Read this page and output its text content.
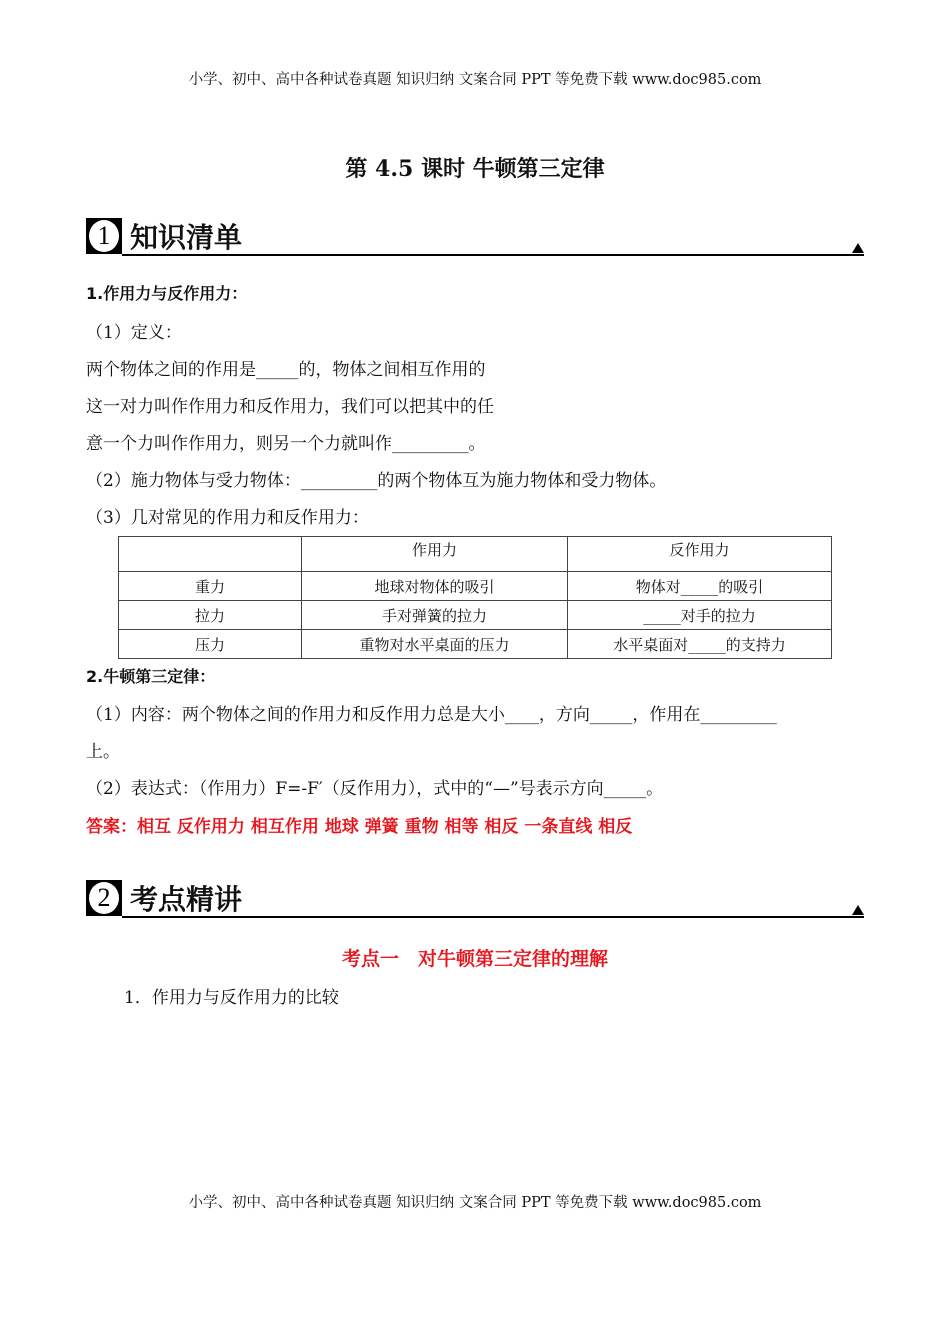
小学、初中、高中各种试卷真题 知识归纳 文案合同 PPT 等免费下载 www.doc985.com
第 4.5 课时 牛顿第三定律
1 知识清单
1.作用力与反作用力：
（1）定义：
两个物体之间的作用是_____的，物体之间相互作用的
这一对力叫作作用力和反作用力，我们可以把其中的任
意一个力叫作作用力，则另一个力就叫作_________。
（2）施力物体与受力物体：_________的两个物体互为施力物体和受力物体。
（3）几对常见的作用力和反作用力：
	作用力	反作用力
重力	地球对物体的吸引	物体对_____的吸引
拉力	手对弹簧的拉力	_____对手的拉力
压力	重物对水平桌面的压力	水平桌面对_____的支持力
2.牛顿第三定律：
（1）内容：两个物体之间的作用力和反作用力总是大小____，方向_____，作用在_________
上。
（2）表达式：（作用力）F=-F′（反作用力），式中的“—”号表示方向_____。
答案：相互 反作用力 相互作用 地球 弹簧 重物 相等 相反 一条直线 相反
2 考点精讲
考点一　对牛顿第三定律的理解
1．作用力与反作用力的比较
小学、初中、高中各种试卷真题 知识归纳 文案合同 PPT 等免费下载 www.doc985.com
